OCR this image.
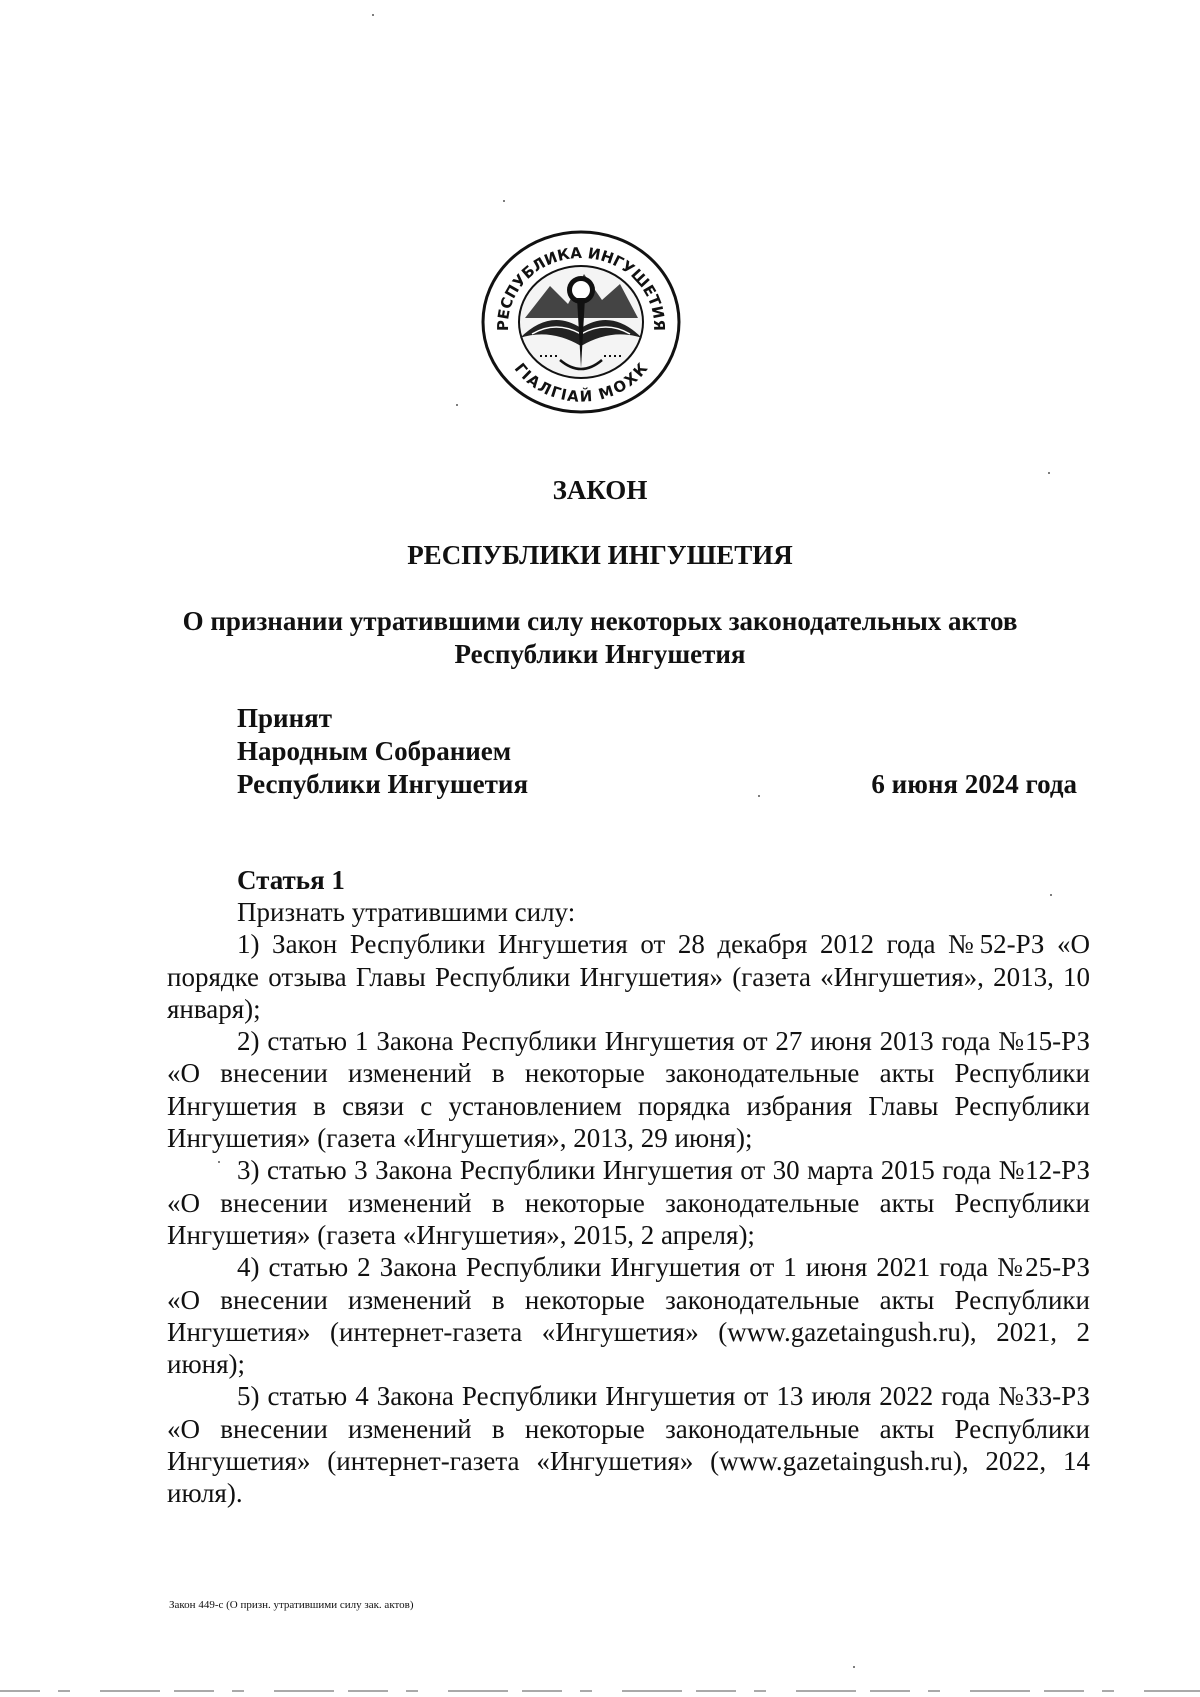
РЕСПУБЛИКА ИНГУШЕТИЯ
ГIАЛГIАЙ МОХК
ЗАКОН
РЕСПУБЛИКИ ИНГУШЕТИЯ
О признании утратившими силу некоторых законодательных актов
Республики Ингушетия
Принят
Народным Собранием
Республики Ингушетия	6 июня 2024 года
Статья 1

Признать утратившими силу:

1) Закон Республики Ингушетия от 28 декабря 2012 года №52-РЗ «О порядке отзыва Главы Республики Ингушетия» (газета «Ингушетия», 2013, 10 января);

2) статью 1 Закона Республики Ингушетия от 27 июня 2013 года №15-РЗ «О внесении изменений в некоторые законодательные акты Республики Ингушетия в связи с установлением порядка избрания Главы Республики Ингушетия» (газета «Ингушетия», 2013, 29 июня);

3) статью 3 Закона Республики Ингушетия от 30 марта 2015 года №12-РЗ «О внесении изменений в некоторые законодательные акты Республики Ингушетия» (газета «Ингушетия», 2015, 2 апреля);

4) статью 2 Закона Республики Ингушетия от 1 июня 2021 года №25-РЗ «О внесении изменений в некоторые законодательные акты Республики Ингушетия» (интернет-газета «Ингушетия» (www.gazetaingush.ru), 2021, 2 июня);

5) статью 4 Закона Республики Ингушетия от 13 июля 2022 года №33-РЗ «О внесении изменений в некоторые законодательные акты Республики Ингушетия» (интернет-газета «Ингушетия» (www.gazetaingush.ru), 2022, 14 июля).

Закон 449-с (О призн. утратившими силу зак. актов)
